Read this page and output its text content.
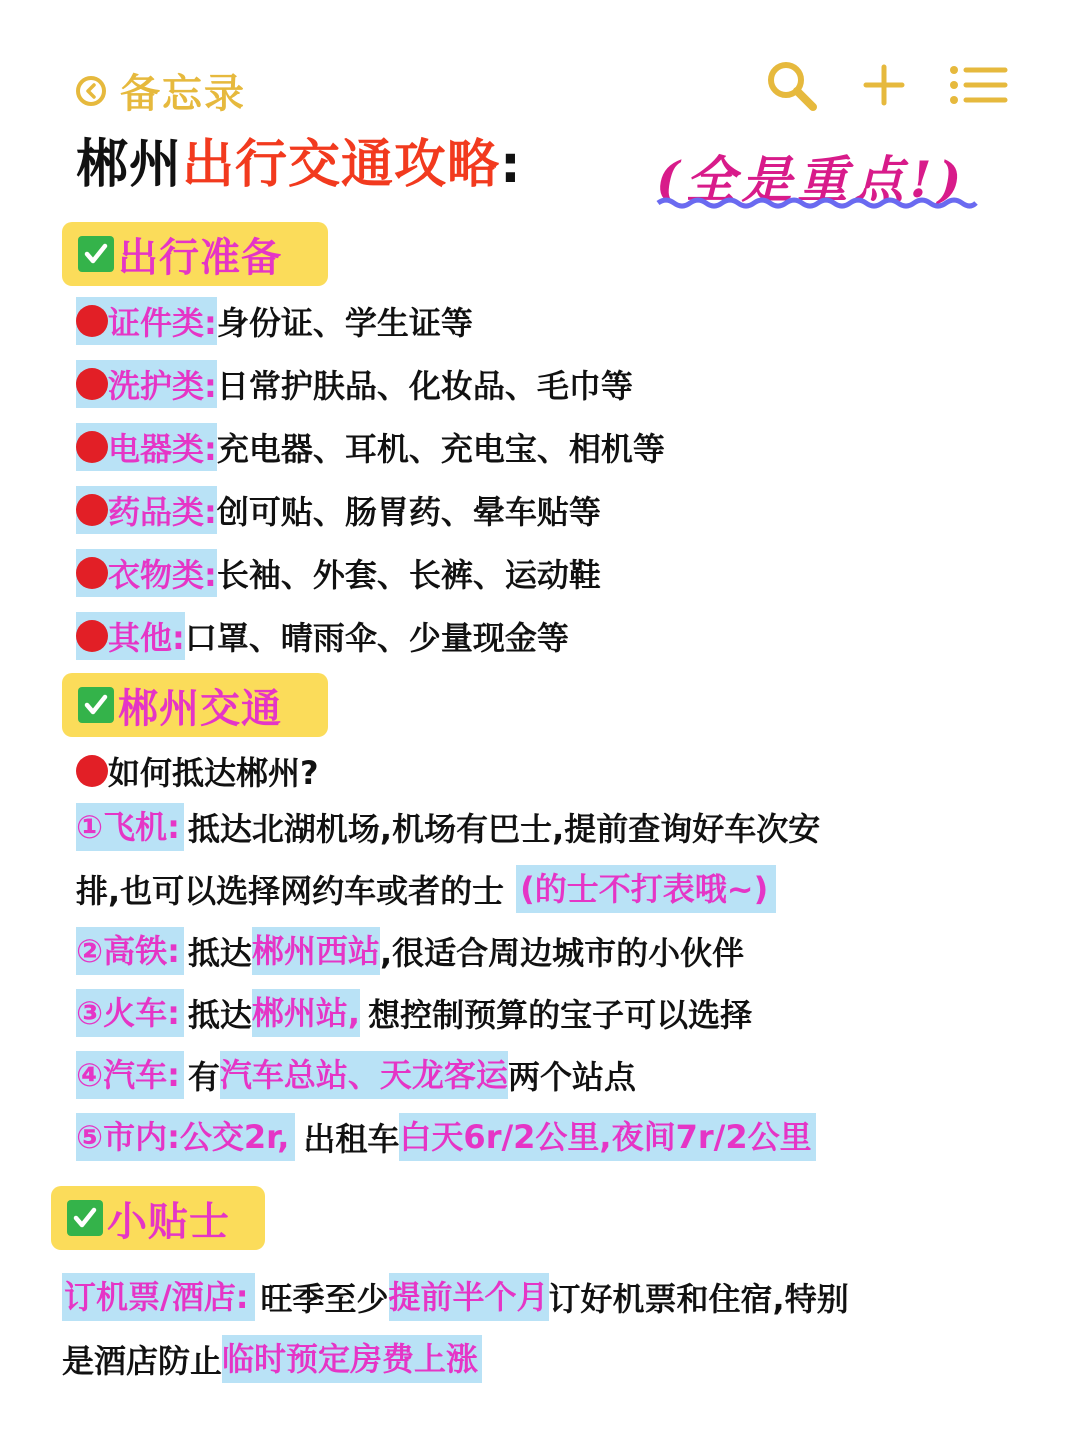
备忘录
郴州出行交通攻略:	(全是重点!)
出行准备
证件类: 身份证、学生证等
洗护类: 日常护肤品、化妆品、毛巾等
电器类: 充电器、耳机、充电宝、相机等
药品类: 创可贴、肠胃药、晕车贴等
衣物类: 长袖、外套、长裤、运动鞋
其他: 口罩、晴雨伞、少量现金等
郴州交通
如何抵达郴州?
①飞机: 抵达北湖机场,机场有巴士,提前查询好车次安
排,也可以选择网约车或者的士 (的士不打表哦~)
②高铁: 抵达 郴州西站 ,很适合周边城市的小伙伴
③火车: 抵达 郴州站, 想控制预算的宝子可以选择
④汽车: 有 汽车总站、天龙客运 两个站点
⑤市内:公交2r, 出租车 白天6r/2公里,夜间7r/2公里
小贴士
订机票/酒店: 旺季至少 提前半个月 订好机票和住宿,特别
是酒店防止 临时预定房费上涨
